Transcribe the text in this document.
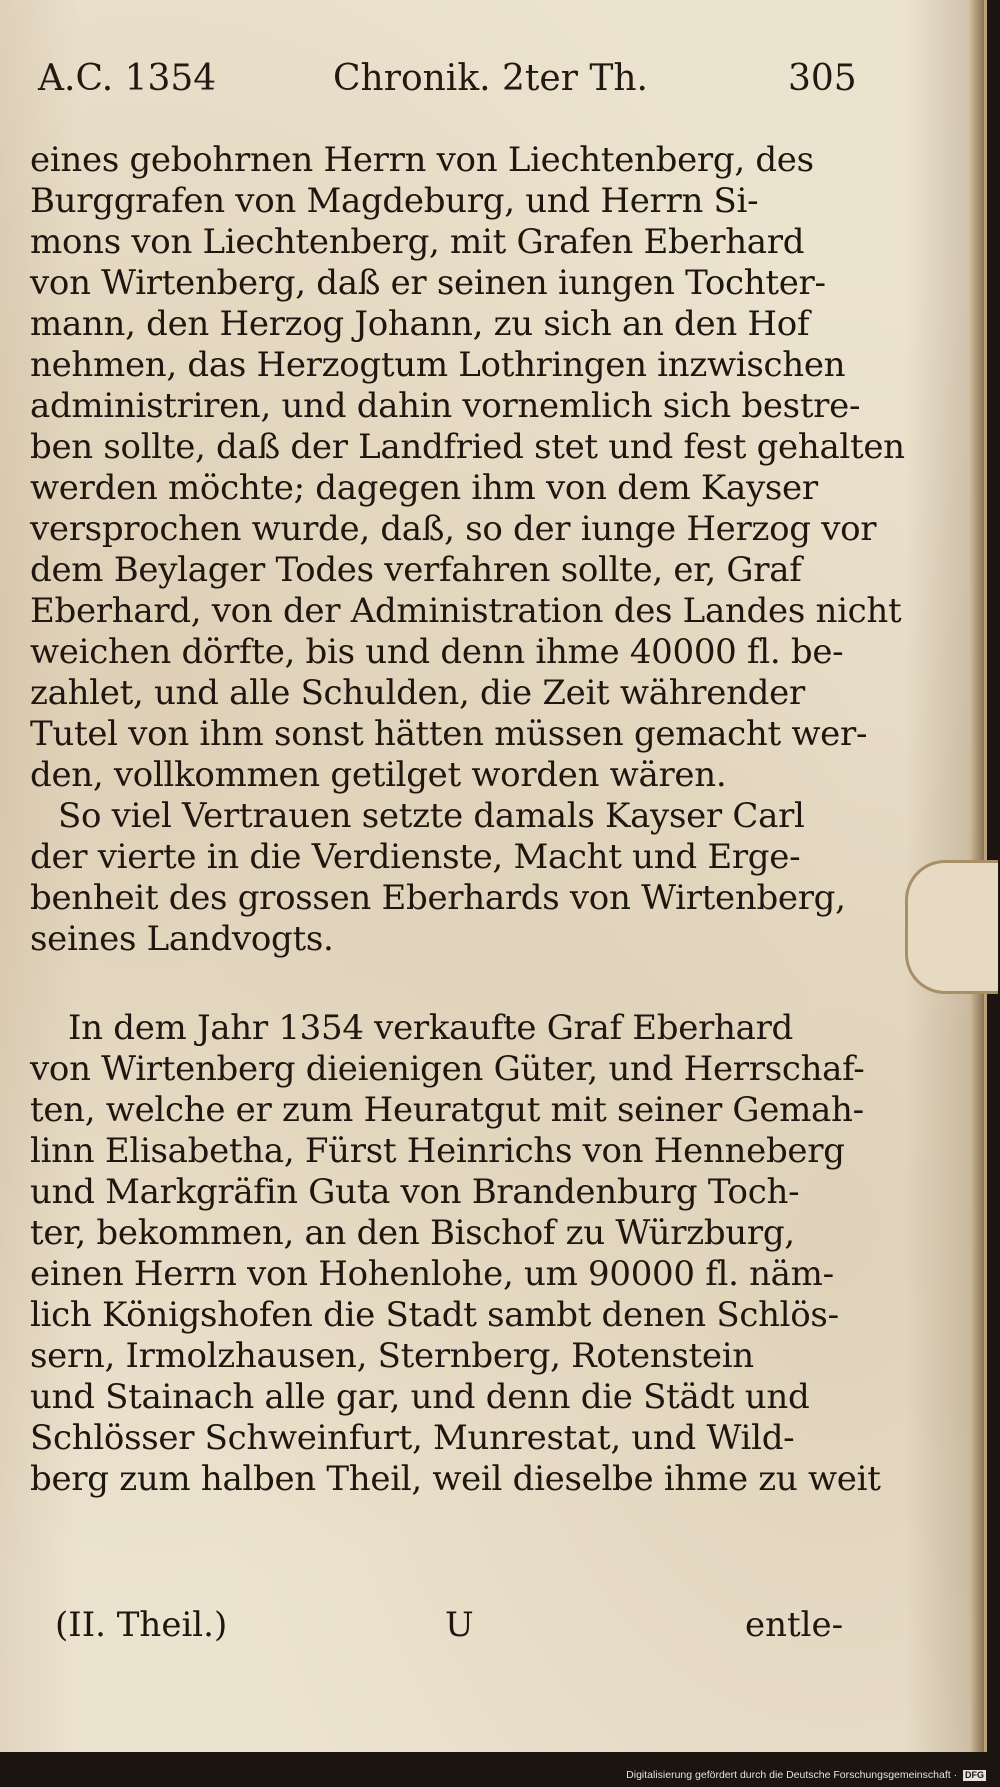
A.C. 1354	Chronik. 2ter Th.	305
eines gebohrnen Herrn von Liechtenberg, des
Burggrafen von Magdeburg, und Herrn Si-
mons von Liechtenberg, mit Grafen Eberhard
von Wirtenberg, daß er seinen iungen Tochter-
mann, den Herzog Johann, zu sich an den Hof
nehmen, das Herzogtum Lothringen inzwischen
administriren, und dahin vornemlich sich bestre-
ben sollte, daß der Landfried stet und fest gehalten
werden möchte; dagegen ihm von dem Kayser
versprochen wurde, daß, so der iunge Herzog vor
dem Beylager Todes verfahren sollte, er, Graf
Eberhard, von der Administration des Landes nicht
weichen dörfte, bis und denn ihme 40000 fl. be-
zahlet, und alle Schulden, die Zeit währender
Tutel von ihm sonst hätten müssen gemacht wer-
den, vollkommen getilget worden wären.
So viel Vertrauen setzte damals Kayser Carl
der vierte in die Verdienste, Macht und Erge-
benheit des grossen Eberhards von Wirtenberg,
seines Landvogts.
In dem Jahr 1354 verkaufte Graf Eberhard
von Wirtenberg dieienigen Güter, und Herrschaf-
ten, welche er zum Heuratgut mit seiner Gemah-
linn Elisabetha, Fürst Heinrichs von Henneberg
und Markgräfin Guta von Brandenburg Toch-
ter, bekommen, an den Bischof zu Würzburg,
einen Herrn von Hohenlohe, um 90000 fl. näm-
lich Königshofen die Stadt sambt denen Schlös-
sern, Irmolzhausen, Sternberg, Rotenstein
und Stainach alle gar, und denn die Städt und
Schlösser Schweinfurt, Munrestat, und Wild-
berg zum halben Theil, weil dieselbe ihme zu weit
(II. Theil.)	U	entle-
Digitalisierung gefördert durch die Deutsche Forschungsgemeinschaft · DFG
